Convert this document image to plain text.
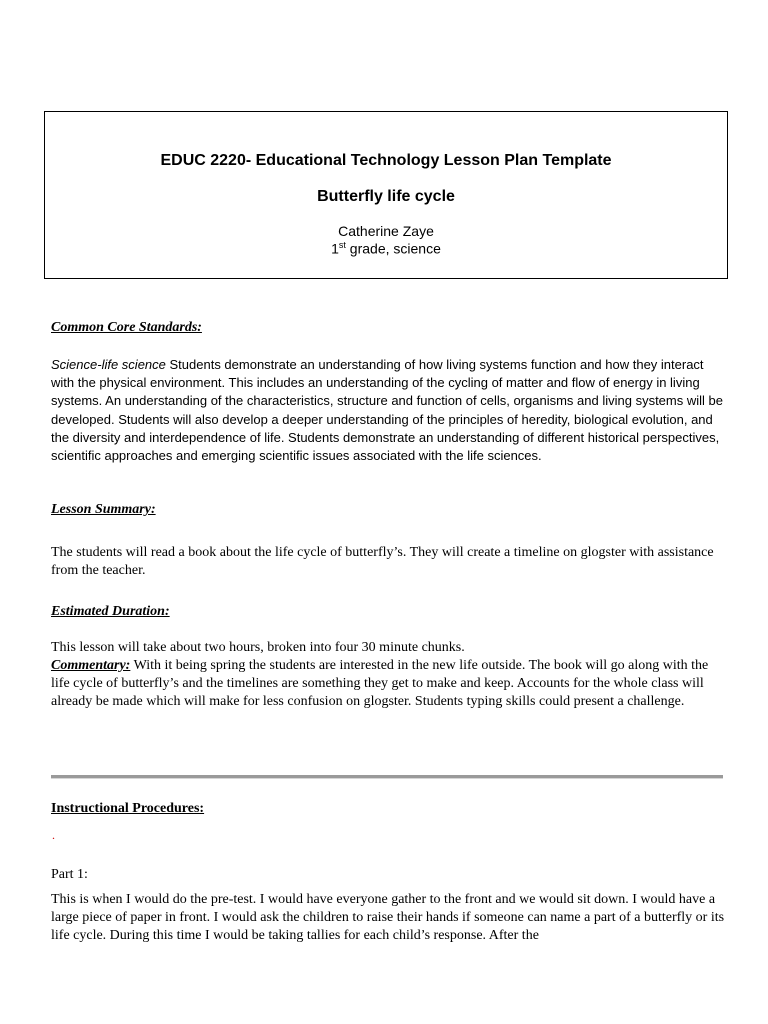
EDUC 2220- Educational Technology Lesson Plan Template
Butterfly life cycle
Catherine Zaye
1st grade, science
Common Core Standards:
Science-life science Students demonstrate an understanding of how living systems function and how they interact with the physical environment. This includes an understanding of the cycling of matter and flow of energy in living systems. An understanding of the characteristics, structure and function of cells, organisms and living systems will be developed. Students will also develop a deeper understanding of the principles of heredity, biological evolution, and the diversity and interdependence of life. Students demonstrate an understanding of different historical perspectives, scientific approaches and emerging scientific issues associated with the life sciences.
Lesson Summary:
The students will read a book about the life cycle of butterfly’s. They will create a timeline on glogster with assistance from the teacher.
Estimated Duration:
This lesson will take about two hours, broken into four 30 minute chunks.
Commentary: With it being spring the students are interested in the new life outside. The book will go along with the life cycle of butterfly’s and the timelines are something they get to make and keep. Accounts for the whole class will already be made which will make for less confusion on glogster. Students typing skills could present a challenge.
Instructional Procedures:
.
Part 1:
This is when I would do the pre-test. I would have everyone gather to the front and we would sit down. I would have a large piece of paper in front. I would ask the children to raise their hands if someone can name a part of a butterfly or its life cycle. During this time I would be taking tallies for each child’s response. After the
